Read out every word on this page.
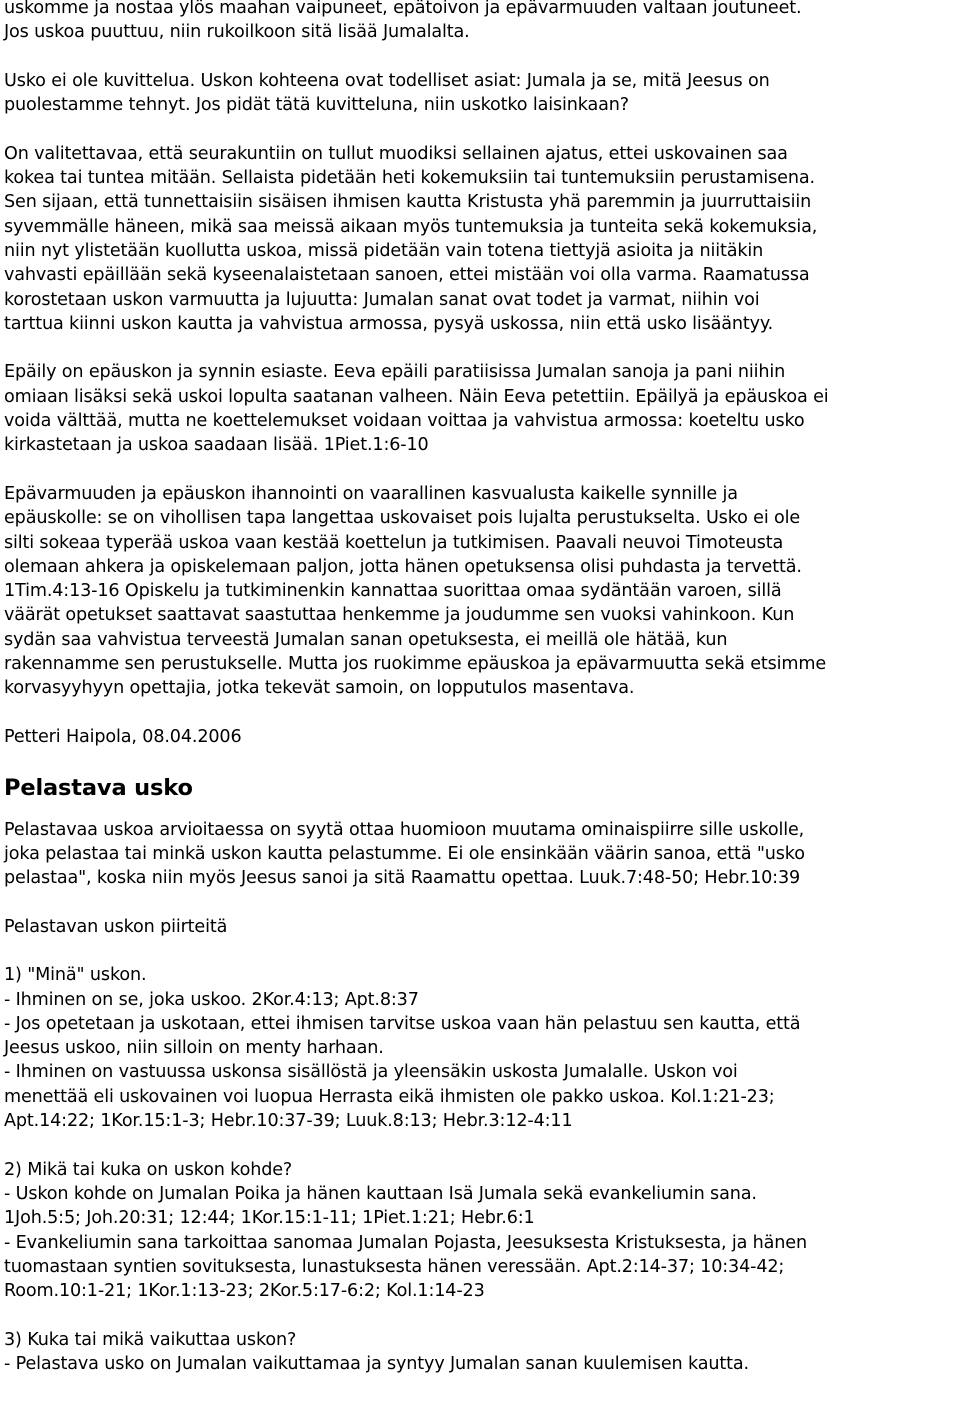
uskomme ja nostaa ylös maahan vaipuneet, epätoivon ja epävarmuuden valtaan joutuneet.
Jos uskoa puuttuu, niin rukoilkoon sitä lisää Jumalalta.

Usko ei ole kuvittelua. Uskon kohteena ovat todelliset asiat: Jumala ja se, mitä Jeesus on
puolestamme tehnyt. Jos pidät tätä kuvitteluna, niin uskotko laisinkaan?

On valitettavaa, että seurakuntiin on tullut muodiksi sellainen ajatus, ettei uskovainen saa
kokea tai tuntea mitään. Sellaista pidetään heti kokemuksiin tai tuntemuksiin perustamisena.
Sen sijaan, että tunnettaisiin sisäisen ihmisen kautta Kristusta yhä paremmin ja juurruttaisiin
syvemmälle häneen, mikä saa meissä aikaan myös tuntemuksia ja tunteita sekä kokemuksia,
niin nyt ylistetään kuollutta uskoa, missä pidetään vain totena tiettyjä asioita ja niitäkin
vahvasti epäillään sekä kyseenalaistetaan sanoen, ettei mistään voi olla varma. Raamatussa
korostetaan uskon varmuutta ja lujuutta: Jumalan sanat ovat todet ja varmat, niihin voi
tarttua kiinni uskon kautta ja vahvistua armossa, pysyä uskossa, niin että usko lisääntyy.

Epäily on epäuskon ja synnin esiaste. Eeva epäili paratiisissa Jumalan sanoja ja pani niihin
omiaan lisäksi sekä uskoi lopulta saatanan valheen. Näin Eeva petettiin. Epäilyä ja epäuskoa ei
voida välttää, mutta ne koettelemukset voidaan voittaa ja vahvistua armossa: koeteltu usko
kirkastetaan ja uskoa saadaan lisää. 1Piet.1:6-10

Epävarmuuden ja epäuskon ihannointi on vaarallinen kasvualusta kaikelle synnille ja
epäuskolle: se on vihollisen tapa langettaa uskovaiset pois lujalta perustukselta. Usko ei ole
silti sokeaa typerää uskoa vaan kestää koettelun ja tutkimisen. Paavali neuvoi Timoteusta
olemaan ahkera ja opiskelemaan paljon, jotta hänen opetuksensa olisi puhdasta ja tervettä.
1Tim.4:13-16 Opiskelu ja tutkiminenkin kannattaa suorittaa omaa sydäntään varoen, sillä
väärät opetukset saattavat saastuttaa henkemme ja joudumme sen vuoksi vahinkoon. Kun
sydän saa vahvistua terveestä Jumalan sanan opetuksesta, ei meillä ole hätää, kun
rakennamme sen perustukselle. Mutta jos ruokimme epäuskoa ja epävarmuutta sekä etsimme
korvasyyhyyn opettajia, jotka tekevät samoin, on lopputulos masentava.

Petteri Haipola, 08.04.2006

Pelastava usko

Pelastavaa uskoa arvioitaessa on syytä ottaa huomioon muutama ominaispiirre sille uskolle,
joka pelastaa tai minkä uskon kautta pelastumme. Ei ole ensinkään väärin sanoa, että "usko
pelastaa", koska niin myös Jeesus sanoi ja sitä Raamattu opettaa. Luuk.7:48-50; Hebr.10:39

Pelastavan uskon piirteitä

1) "Minä" uskon.
- Ihminen on se, joka uskoo. 2Kor.4:13; Apt.8:37
- Jos opetetaan ja uskotaan, ettei ihmisen tarvitse uskoa vaan hän pelastuu sen kautta, että
Jeesus uskoo, niin silloin on menty harhaan.
- Ihminen on vastuussa uskonsa sisällöstä ja yleensäkin uskosta Jumalalle. Uskon voi
menettää eli uskovainen voi luopua Herrasta eikä ihmisten ole pakko uskoa. Kol.1:21-23;
Apt.14:22; 1Kor.15:1-3; Hebr.10:37-39; Luuk.8:13; Hebr.3:12-4:11
2) Mikä tai kuka on uskon kohde?
- Uskon kohde on Jumalan Poika ja hänen kauttaan Isä Jumala sekä evankeliumin sana.
1Joh.5:5; Joh.20:31; 12:44; 1Kor.15:1-11; 1Piet.1:21; Hebr.6:1
- Evankeliumin sana tarkoittaa sanomaa Jumalan Pojasta, Jeesuksesta Kristuksesta, ja hänen
tuomastaan syntien sovituksesta, lunastuksesta hänen veressään. Apt.2:14-37; 10:34-42;
Room.10:1-21; 1Kor.1:13-23; 2Kor.5:17-6:2; Kol.1:14-23
3) Kuka tai mikä vaikuttaa uskon?
- Pelastava usko on Jumalan vaikuttamaa ja syntyy Jumalan sanan kuulemisen kautta.
